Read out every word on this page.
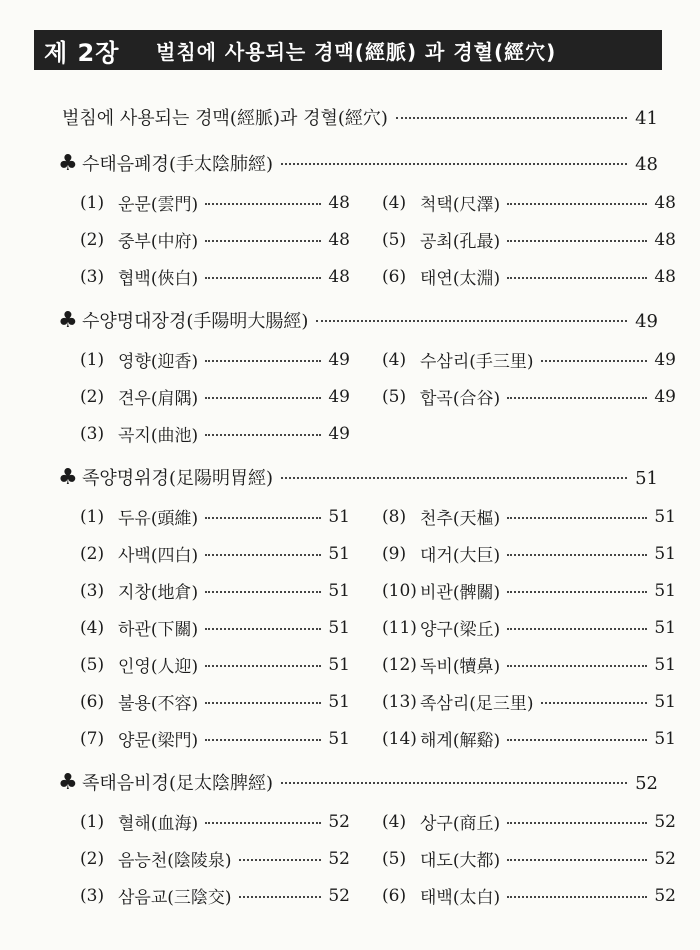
제 2장	벌침에 사용되는 경맥(經脈) 과 경혈(經穴)
벌침에 사용되는 경맥(經脈)과 경혈(經穴)	41
♣ 수태음폐경(手太陰肺經)	48
(1) 운문(雲門)	48 (4) 척택(尺澤)	48
(2) 중부(中府)	48 (5) 공최(孔最)	48
(3) 협백(俠白)	48 (6) 태연(太淵)	48
♣ 수양명대장경(手陽明大腸經)	49
(1) 영향(迎香)	49 (4) 수삼리(手三里)	49
(2) 견우(肩隅)	49 (5) 합곡(合谷)	49
(3) 곡지(曲池)	49
♣ 족양명위경(足陽明胃經)	51
(1) 두유(頭維)	51 (8) 천추(天樞)	51
(2) 사백(四白)	51 (9) 대거(大巨)	51
(3) 지창(地倉)	51 (10) 비관(髀關)	51
(4) 하관(下關)	51 (11) 양구(梁丘)	51
(5) 인영(人迎)	51 (12) 독비(犢鼻)	51
(6) 불용(不容)	51 (13) 족삼리(足三里)	51
(7) 양문(梁門)	51 (14) 해계(解谿)	51
♣ 족태음비경(足太陰脾經)	52
(1) 혈해(血海)	52 (4) 상구(商丘)	52
(2) 음능천(陰陵泉)	52 (5) 대도(大都)	52
(3) 삼음교(三陰交)	52 (6) 태백(太白)	52
